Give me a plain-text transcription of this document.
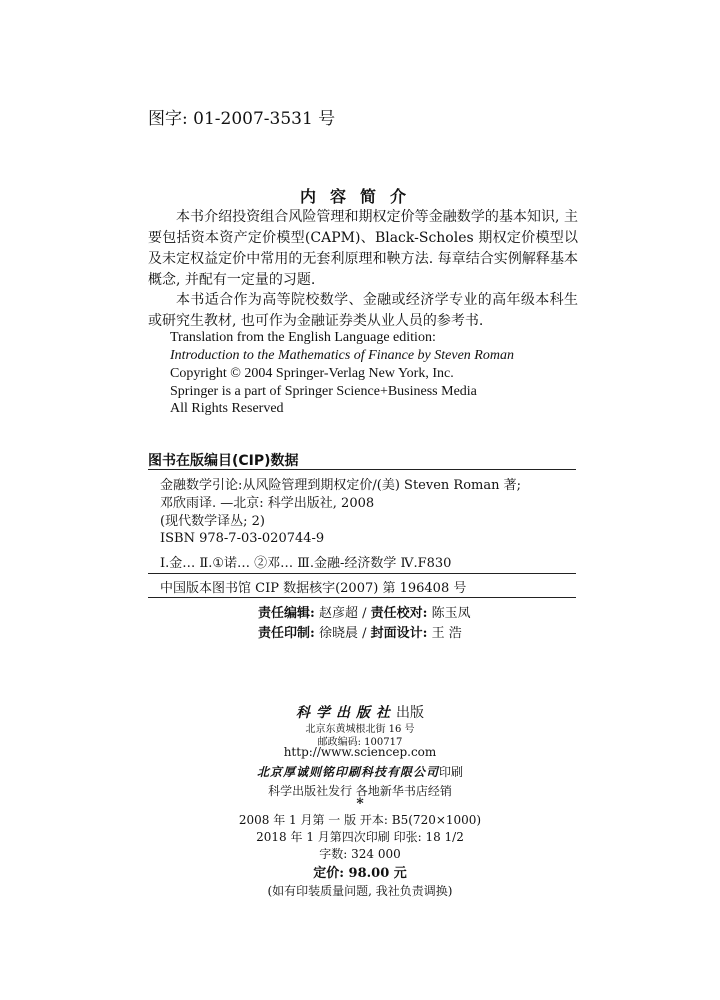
图字: 01-2007-3531 号
内容简介
本书介绍投资组合风险管理和期权定价等金融数学的基本知识, 主要包括资本资产定价模型(CAPM)、Black-Scholes 期权定价模型以及未定权益定价中常用的无套利原理和鞅方法. 每章结合实例解释基本概念, 并配有一定量的习题.
本书适合作为高等院校数学、金融或经济学专业的高年级本科生或研究生教材, 也可作为金融证券类从业人员的参考书.
Translation from the English Language edition:
Introduction to the Mathematics of Finance by Steven Roman
Copyright © 2004 Springer-Verlag New York, Inc.
Springer is a part of Springer Science+Business Media
All Rights Reserved
图书在版编目(CIP)数据
金融数学引论:从风险管理到期权定价/(美) Steven Roman 著;
邓欣雨译. —北京: 科学出版社, 2008
(现代数学译丛; 2)
ISBN 978-7-03-020744-9
Ⅰ.金… Ⅱ.①诺… ②邓… Ⅲ.金融-经济数学 Ⅳ.F830
中国版本图书馆 CIP 数据核字(2007) 第 196408 号
责任编辑: 赵彦超 / 责任校对: 陈玉凤
责任印制: 徐晓晨 / 封面设计: 王 浩
科学出版社出版
北京东黄城根北街 16 号
邮政编码: 100717
http://www.sciencep.com
北京厚诚则铭印刷科技有限公司印刷
科学出版社发行 各地新华书店经销
*
2008 年 1 月第 一 版 开本: B5(720×1000)
2018 年 1 月第四次印刷 印张: 18 1/2
字数: 324 000
定价: 98.00 元
(如有印装质量问题, 我社负责调换)
